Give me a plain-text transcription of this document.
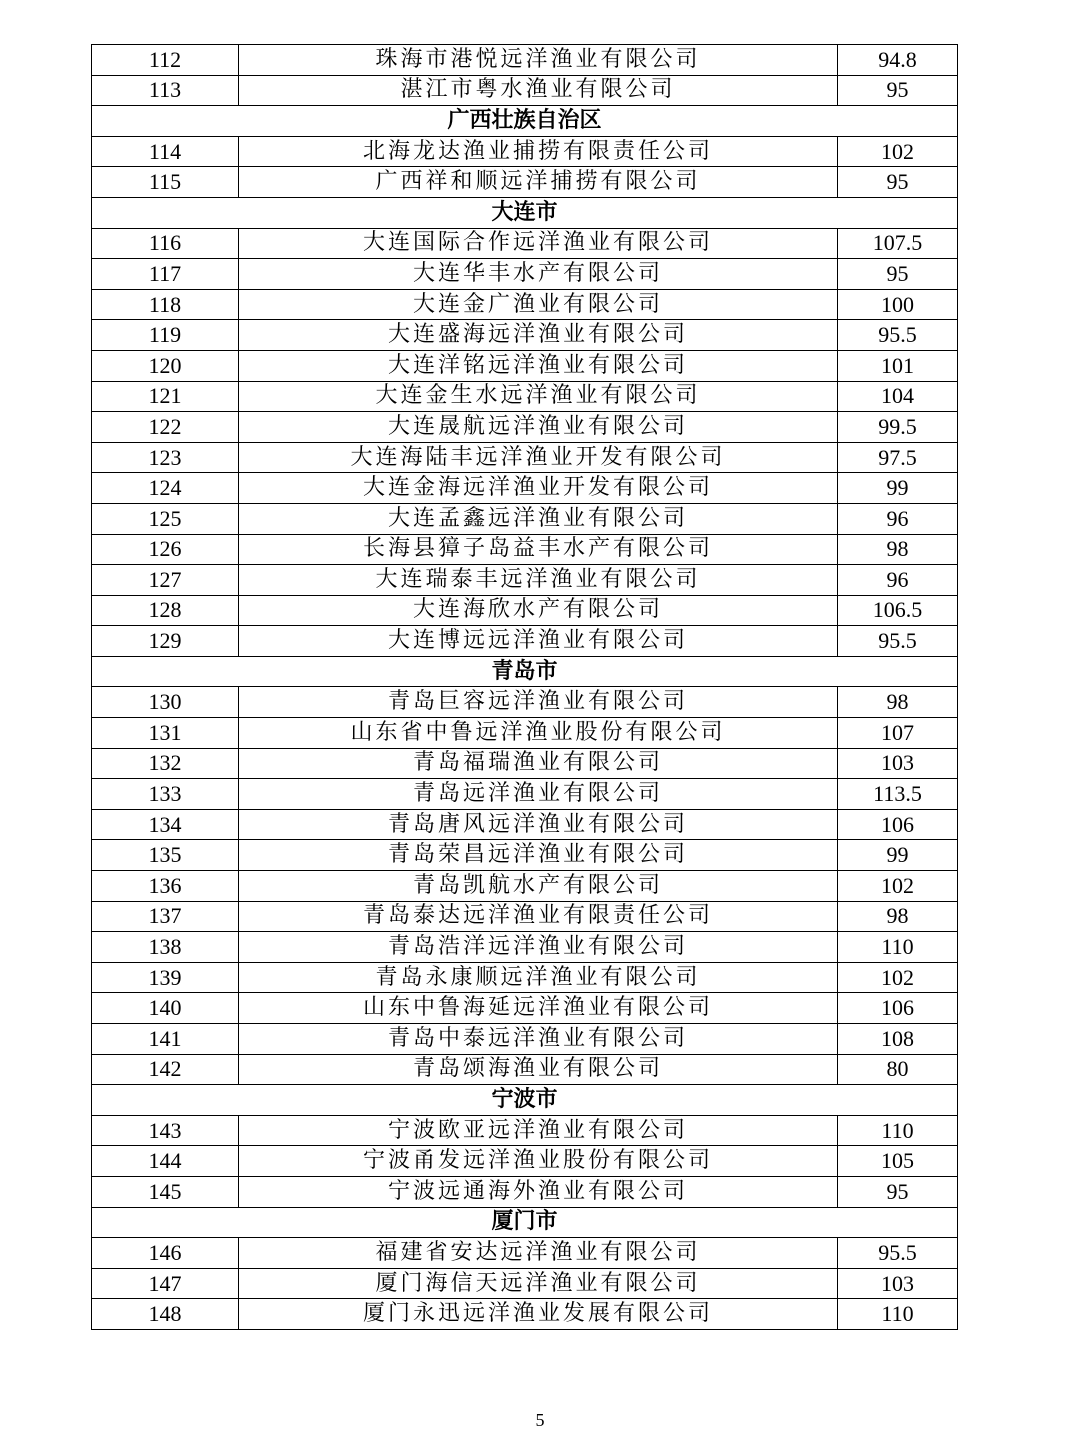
112	珠海市港悦远洋渔业有限公司	94.8
113	湛江市粤水渔业有限公司	95
广西壮族自治区		
114	北海龙达渔业捕捞有限责任公司	102
115	广西祥和顺远洋捕捞有限公司	95
大连市		
116	大连国际合作远洋渔业有限公司	107.5
117	大连华丰水产有限公司	95
118	大连金广渔业有限公司	100
119	大连盛海远洋渔业有限公司	95.5
120	大连洋铭远洋渔业有限公司	101
121	大连金生水远洋渔业有限公司	104
122	大连晟航远洋渔业有限公司	99.5
123	大连海陆丰远洋渔业开发有限公司	97.5
124	大连金海远洋渔业开发有限公司	99
125	大连孟鑫远洋渔业有限公司	96
126	长海县獐子岛益丰水产有限公司	98
127	大连瑞泰丰远洋渔业有限公司	96
128	大连海欣水产有限公司	106.5
129	大连博远远洋渔业有限公司	95.5
青岛市		
130	青岛巨容远洋渔业有限公司	98
131	山东省中鲁远洋渔业股份有限公司	107
132	青岛福瑞渔业有限公司	103
133	青岛远洋渔业有限公司	113.5
134	青岛唐风远洋渔业有限公司	106
135	青岛荣昌远洋渔业有限公司	99
136	青岛凯航水产有限公司	102
137	青岛泰达远洋渔业有限责任公司	98
138	青岛浩洋远洋渔业有限公司	110
139	青岛永康顺远洋渔业有限公司	102
140	山东中鲁海延远洋渔业有限公司	106
141	青岛中泰远洋渔业有限公司	108
142	青岛颂海渔业有限公司	80
宁波市		
143	宁波欧亚远洋渔业有限公司	110
144	宁波甬发远洋渔业股份有限公司	105
145	宁波远通海外渔业有限公司	95
厦门市		
146	福建省安达远洋渔业有限公司	95.5
147	厦门海信天远洋渔业有限公司	103
148	厦门永迅远洋渔业发展有限公司	110
5
